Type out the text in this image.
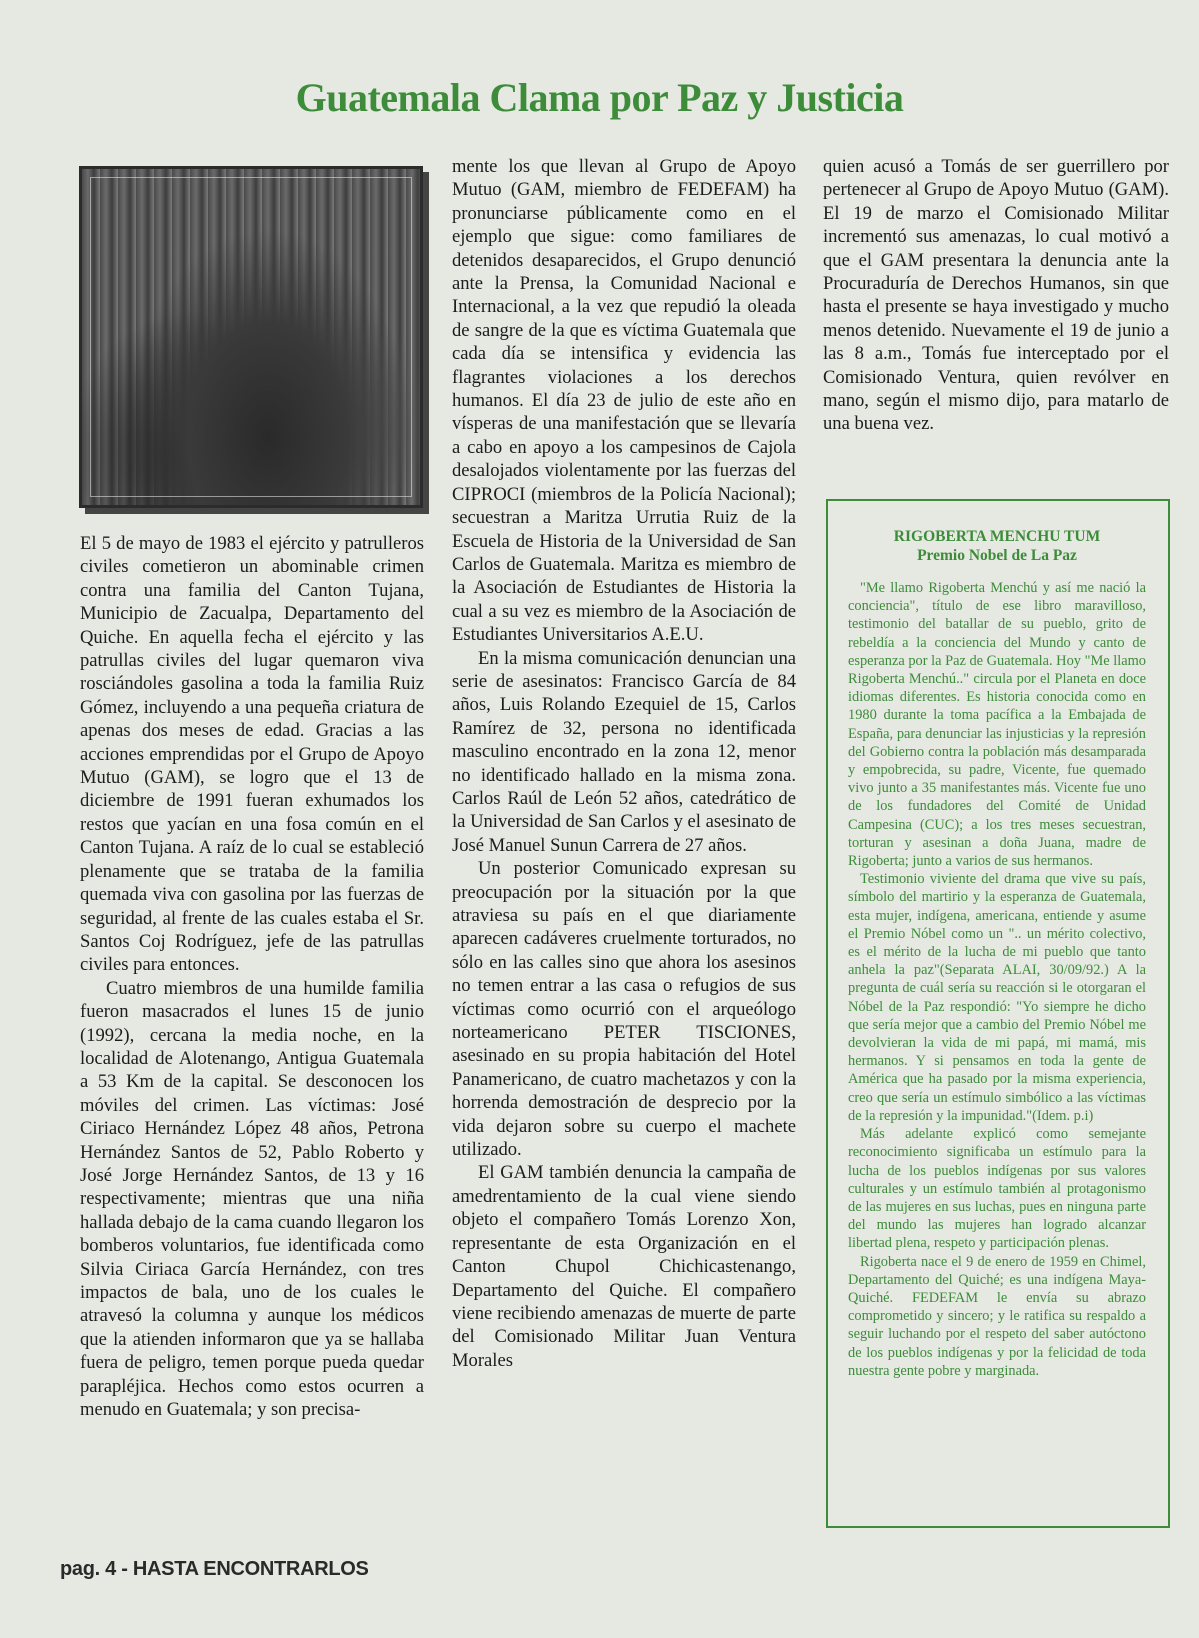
Guatemala Clama por Paz y Justicia

El 5 de mayo de 1983 el ejército y patrulleros civiles cometieron un abominable crimen contra una familia del Canton Tujana, Municipio de Zacualpa, Departamento del Quiche. En aquella fecha el ejército y las patrullas civiles del lugar quemaron viva rosciándoles gasolina a toda la familia Ruiz Gómez, incluyendo a una pequeña criatura de apenas dos meses de edad. Gracias a las acciones emprendidas por el Grupo de Apoyo Mutuo (GAM), se logro que el 13 de diciembre de 1991 fueran exhumados los restos que yacían en una fosa común en el Canton Tujana. A raíz de lo cual se estableció plenamente que se trataba de la familia quemada viva con gasolina por las fuerzas de seguridad, al frente de las cuales estaba el Sr. Santos Coj Rodríguez, jefe de las patrullas civiles para entonces.

Cuatro miembros de una humilde familia fueron masacrados el lunes 15 de junio (1992), cercana la media noche, en la localidad de Alotenango, Antigua Guatemala a 53 Km de la capital. Se desconocen los móviles del crimen. Las víctimas: José Ciriaco Hernández López 48 años, Petrona Hernández Santos de 52, Pablo Roberto y José Jorge Hernández Santos, de 13 y 16 respectivamente; mientras que una niña hallada debajo de la cama cuando llegaron los bomberos voluntarios, fue identificada como Silvia Ciriaca García Hernández, con tres impactos de bala, uno de los cuales le atravesó la columna y aunque los médicos que la atienden informaron que ya se hallaba fuera de peligro, temen porque pueda quedar parapléjica. Hechos como estos ocurren a menudo en Guatemala; y son precisa-

mente los que llevan al Grupo de Apoyo Mutuo (GAM, miembro de FEDEFAM) ha pronunciarse públicamente como en el ejemplo que sigue: como familiares de detenidos desaparecidos, el Grupo denunció ante la Prensa, la Comunidad Nacional e Internacional, a la vez que repudió la oleada de sangre de la que es víctima Guatemala que cada día se intensifica y evidencia las flagrantes violaciones a los derechos humanos. El día 23 de julio de este año en vísperas de una manifestación que se llevaría a cabo en apoyo a los campesinos de Cajola desalojados violentamente por las fuerzas del CIPROCI (miembros de la Policía Nacional); secuestran a Maritza Urrutia Ruiz de la Escuela de Historia de la Universidad de San Carlos de Guatemala. Maritza es miembro de la Asociación de Estudiantes de Historia la cual a su vez es miembro de la Asociación de Estudiantes Universitarios A.E.U.

En la misma comunicación denuncian una serie de asesinatos: Francisco García de 84 años, Luis Rolando Ezequiel de 15, Carlos Ramírez de 32, persona no identificada masculino encontrado en la zona 12, menor no identificado hallado en la misma zona. Carlos Raúl de León 52 años, catedrático de la Universidad de San Carlos y el asesinato de José Manuel Sunun Carrera de 27 años.

Un posterior Comunicado expresan su preocupación por la situación por la que atraviesa su país en el que diariamente aparecen cadáveres cruelmente torturados, no sólo en las calles sino que ahora los asesinos no temen entrar a las casa o refugios de sus víctimas como ocurrió con el arqueólogo norteamericano PETER TISCIONES, asesinado en su propia habitación del Hotel Panamericano, de cuatro machetazos y con la horrenda demostración de desprecio por la vida dejaron sobre su cuerpo el machete utilizado.

El GAM también denuncia la campaña de amedrentamiento de la cual viene siendo objeto el compañero Tomás Lorenzo Xon, representante de esta Organización en el Canton Chupol Chichicastenango, Departamento del Quiche. El compañero viene recibiendo amenazas de muerte de parte del Comisionado Militar Juan Ventura Morales

quien acusó a Tomás de ser guerrillero por pertenecer al Grupo de Apoyo Mutuo (GAM). El 19 de marzo el Comisionado Militar incrementó sus amenazas, lo cual motivó a que el GAM presentara la denuncia ante la Procuraduría de Derechos Humanos, sin que hasta el presente se haya investigado y mucho menos detenido. Nuevamente el 19 de junio a las 8 a.m., Tomás fue interceptado por el Comisionado Ventura, quien revólver en mano, según el mismo dijo, para matarlo de una buena vez.

RIGOBERTA MENCHU TUM
Premio Nobel de La Paz

"Me llamo Rigoberta Menchú y así me nació la conciencia", título de ese libro maravilloso, testimonio del batallar de su pueblo, grito de rebeldía a la conciencia del Mundo y canto de esperanza por la Paz de Guatemala. Hoy "Me llamo Rigoberta Menchú.." circula por el Planeta en doce idiomas diferentes. Es historia conocida como en 1980 durante la toma pacífica a la Embajada de España, para denunciar las injusticias y la represión del Gobierno contra la población más desamparada y empobrecida, su padre, Vicente, fue quemado vivo junto a 35 manifestantes más. Vicente fue uno de los fundadores del Comité de Unidad Campesina (CUC); a los tres meses secuestran, torturan y asesinan a doña Juana, madre de Rigoberta; junto a varios de sus hermanos.

Testimonio viviente del drama que vive su país, símbolo del martirio y la esperanza de Guatemala, esta mujer, indígena, americana, entiende y asume el Premio Nóbel como un ".. un mérito colectivo, es el mérito de la lucha de mi pueblo que tanto anhela la paz"(Separata ALAI, 30/09/92.) A la pregunta de cuál sería su reacción si le otorgaran el Nóbel de la Paz respondió: "Yo siempre he dicho que sería mejor que a cambio del Premio Nóbel me devolvieran la vida de mi papá, mi mamá, mis hermanos. Y si pensamos en toda la gente de América que ha pasado por la misma experiencia, creo que sería un estímulo simbólico a las víctimas de la represión y la impunidad."(Idem. p.i)

Más adelante explicó como semejante reconocimiento significaba un estímulo para la lucha de los pueblos indígenas por sus valores culturales y un estímulo también al protagonismo de las mujeres en sus luchas, pues en ninguna parte del mundo las mujeres han logrado alcanzar libertad plena, respeto y participación plenas.

Rigoberta nace el 9 de enero de 1959 en Chimel, Departamento del Quiché; es una indígena Maya-Quiché. FEDEFAM le envía su abrazo comprometido y sincero; y le ratifica su respaldo a seguir luchando por el respeto del saber autóctono de los pueblos indígenas y por la felicidad de toda nuestra gente pobre y marginada.

pag. 4 - HASTA ENCONTRARLOS
